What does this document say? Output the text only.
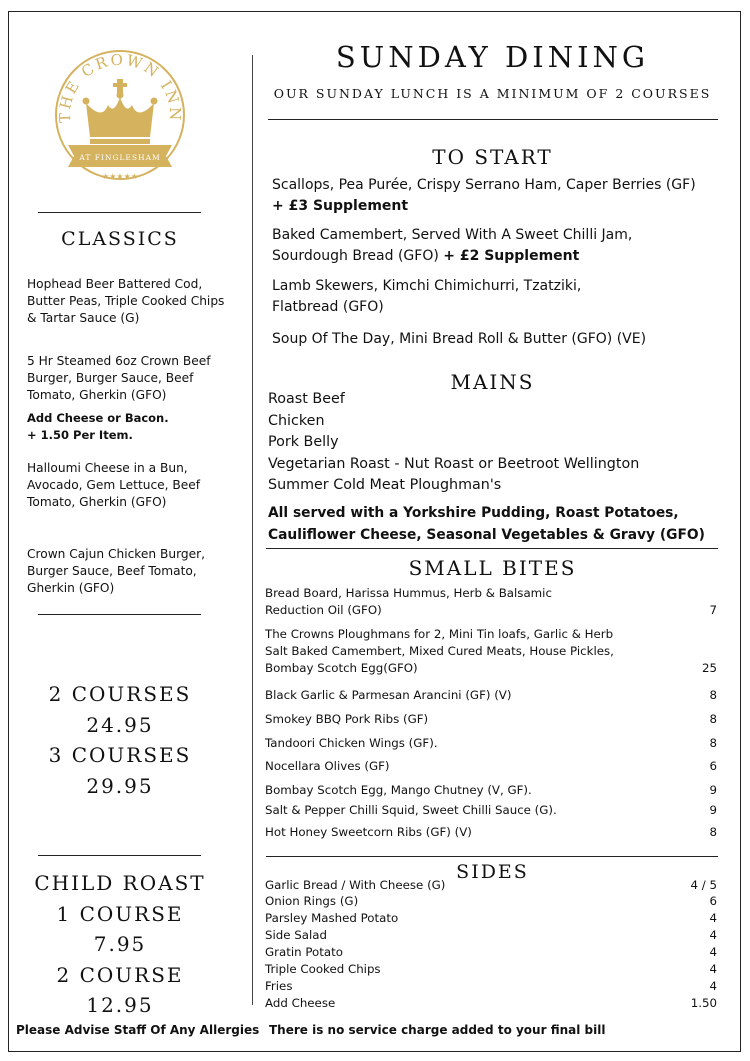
THE CROWN INN
AT FINGLESHAM
★★★★★
CLASSICS
Hophead Beer Battered Cod, Butter Peas, Triple Cooked Chips & Tartar Sauce (G)
5 Hr Steamed 6oz Crown Beef Burger, Burger Sauce, Beef Tomato, Gherkin (GFO)
Add Cheese or Bacon. + 1.50 Per Item.
Halloumi Cheese in a Bun, Avocado, Gem Lettuce, Beef Tomato, Gherkin (GFO)
Crown Cajun Chicken Burger, Burger Sauce, Beef Tomato, Gherkin (GFO)
2 COURSES
24.95
3 COURSES
29.95
CHILD ROAST
1 COURSE
7.95
2 COURSE
12.95
SUNDAY DINING
OUR SUNDAY LUNCH IS A MINIMUM OF 2 COURSES
TO START
Scallops, Pea Purée, Crispy Serrano Ham, Caper Berries (GF)
+ £3 Supplement
Baked Camembert, Served With A Sweet Chilli Jam, Sourdough Bread (GFO) + £2 Supplement
Lamb Skewers, Kimchi Chimichurri, Tzatziki, Flatbread (GFO)
Soup Of The Day, Mini Bread Roll & Butter (GFO) (VE)
MAINS
Roast Beef
Chicken
Pork Belly
Vegetarian Roast - Nut Roast or Beetroot Wellington
Summer Cold Meat Ploughman's
All served with a Yorkshire Pudding, Roast Potatoes, Cauliflower Cheese, Seasonal Vegetables & Gravy (GFO)
SMALL BITES
Bread Board, Harissa Hummus, Herb & Balsamic Reduction Oil (GFO)	7
The Crowns Ploughmans for 2, Mini Tin loafs, Garlic & Herb Salt Baked Camembert, Mixed Cured Meats, House Pickles, Bombay Scotch Egg(GFO)	25
Black Garlic & Parmesan Arancini (GF) (V)	8
Smokey BBQ Pork Ribs (GF)	8
Tandoori Chicken Wings (GF).	8
Nocellara Olives (GF)	6
Bombay Scotch Egg, Mango Chutney (V, GF).	9
Salt & Pepper Chilli Squid, Sweet Chilli Sauce (G).	9
Hot Honey Sweetcorn Ribs (GF) (V)	8
SIDES
Garlic Bread / With Cheese (G)	4 / 5
Onion Rings (G)	6
Parsley Mashed Potato	4
Side Salad	4
Gratin Potato	4
Triple Cooked Chips	4
Fries	4
Add Cheese	1.50
Please Advise Staff Of Any Allergies There is no service charge added to your final bill
